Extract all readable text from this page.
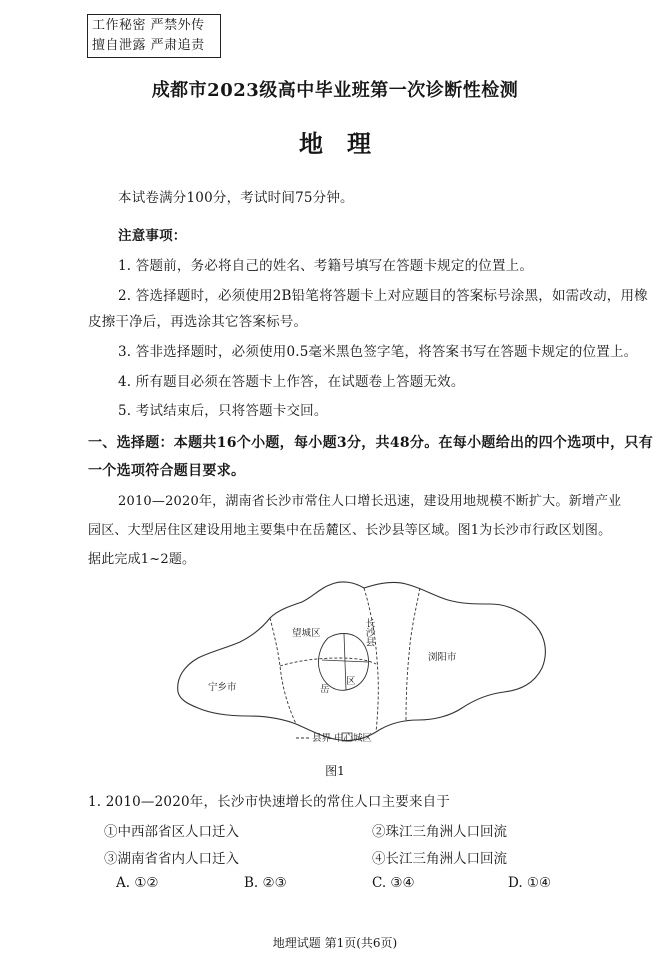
工作秘密 严禁外传
擅自泄露 严肃追责
成都市2023级高中毕业班第一次诊断性检测
地理
本试卷满分100分，考试时间75分钟。
注意事项：
1. 答题前，务必将自己的姓名、考籍号填写在答题卡规定的位置上。
2. 答选择题时，必须使用2B铅笔将答题卡上对应题目的答案标号涂黑，如需改动，用橡
皮擦干净后，再选涂其它答案标号。
3. 答非选择题时，必须使用0.5毫米黑色签字笔，将答案书写在答题卡规定的位置上。
4. 所有题目必须在答题卡上作答，在试题卷上答题无效。
5. 考试结束后，只将答题卡交回。
一、选择题：本题共16个小题，每小题3分，共48分。在每小题给出的四个选项中，只有
一个选项符合题目要求。
2010—2020年，湖南省长沙市常住人口增长迅速，建设用地规模不断扩大。新增产业
园区、大型居住区建设用地主要集中在岳麓区、长沙县等区域。图1为长沙市行政区划图。
据此完成1~2题。
宁乡市
浏阳市
望城区	长沙县
岳
区
县界 中心城区
图1
1. 2010—2020年，长沙市快速增长的常住人口主要来自于
①中西部省区人口迁入	②珠江三角洲人口回流
③湖南省省内人口迁入	④长江三角洲人口回流
A. ①②	B. ②③	C. ③④	D. ①④
地理试题 第1页(共6页)
